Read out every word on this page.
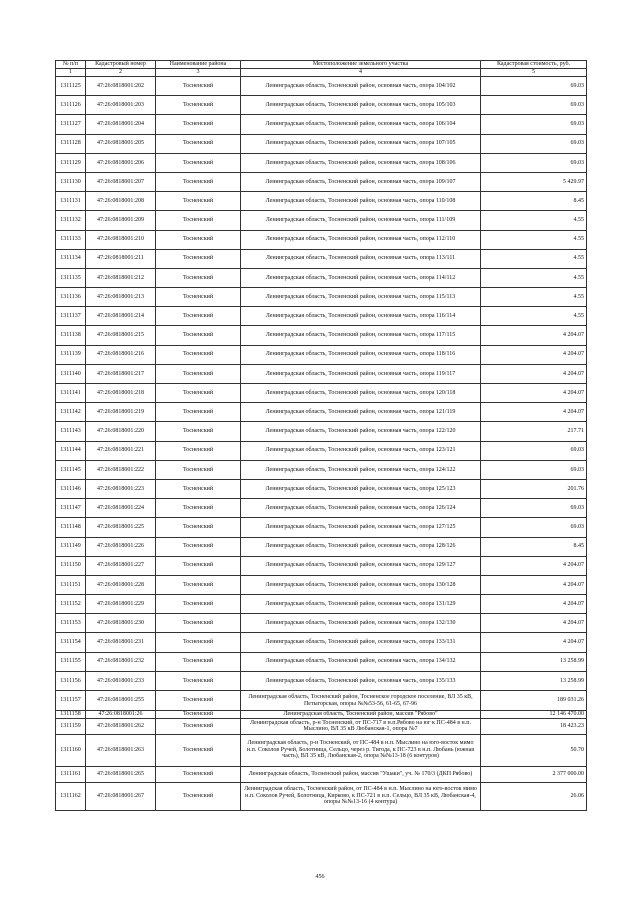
№ п/п	Кадастровый номер	Наименование района	Местоположение земельного участка	Кадастровая стоимость, руб.
1	2	3	4	5
1311125	47:26:0818001:202	Тосненский	Ленинградская область, Тосненский район, основная часть, опора 104/102	69.03
1311126	47:26:0818001:203	Тосненский	Ленинградская область, Тосненский район, основная часть, опора 105/103	69.03
1311127	47:26:0818001:204	Тосненский	Ленинградская область, Тосненский район, основная часть, опора 106/104	69.03
1311128	47:26:0818001:205	Тосненский	Ленинградская область, Тосненский район, основная часть, опора 107/105	69.03
1311129	47:26:0818001:206	Тосненский	Ленинградская область, Тосненский район, основная часть, опора 108/106	69.03
1311130	47:26:0818001:207	Тосненский	Ленинградская область, Тосненский район, основная часть, опора 109/107	5 429.97
1311131	47:26:0818001:208	Тосненский	Ленинградская область, Тосненский район, основная часть, опора 110/108	8.45
1311132	47:26:0818001:209	Тосненский	Ленинградская область, Тосненский район, основная часть, опора 111/109	4.55
1311133	47:26:0818001:210	Тосненский	Ленинградская область, Тосненский район, основная часть, опора 112/110	4.55
1311134	47:26:0818001:211	Тосненский	Ленинградская область, Тосненский район, основная часть, опора 113/111	4.55
1311135	47:26:0818001:212	Тосненский	Ленинградская область, Тосненский район, основная часть, опора 114/112	4.55
1311136	47:26:0818001:213	Тосненский	Ленинградская область, Тосненский район, основная часть, опора 115/113	4.55
1311137	47:26:0818001:214	Тосненский	Ленинградская область, Тосненский район, основная часть, опора 116/114	4.55
1311138	47:26:0818001:215	Тосненский	Ленинградская область, Тосненский район, основная часть, опора 117/115	4 204.07
1311139	47:26:0818001:216	Тосненский	Ленинградская область, Тосненский район, основная часть, опора 118/116	4 204.07
1311140	47:26:0818001:217	Тосненский	Ленинградская область, Тосненский район, основная часть, опора 119/117	4 204.07
1311141	47:26:0818001:218	Тосненский	Ленинградская область, Тосненский район, основная часть, опора 120/118	4 204.07
1311142	47:26:0818001:219	Тосненский	Ленинградская область, Тосненский район, основная часть, опора 121/119	4 204.07
1311143	47:26:0818001:220	Тосненский	Ленинградская область, Тосненский район, основная часть, опора 122/120	217.71
1311144	47:26:0818001:221	Тосненский	Ленинградская область, Тосненский район, основная часть, опора 123/121	69.03
1311145	47:26:0818001:222	Тосненский	Ленинградская область, Тосненский район, основная часть, опора 124/122	69.03
1311146	47:26:0818001:223	Тосненский	Ленинградская область, Тосненский район, основная часть, опора 125/123	201.76
1311147	47:26:0818001:224	Тосненский	Ленинградская область, Тосненский район, основная часть, опора 126/124	69.03
1311148	47:26:0818001:225	Тосненский	Ленинградская область, Тосненский район, основная часть, опора 127/125	69.03
1311149	47:26:0818001:226	Тосненский	Ленинградская область, Тосненский район, основная часть, опора 128/126	8.45
1311150	47:26:0818001:227	Тосненский	Ленинградская область, Тосненский район, основная часть, опора 129/127	4 204.07
1311151	47:26:0818001:228	Тосненский	Ленинградская область, Тосненский район, основная часть, опора 130/128	4 204.07
1311152	47:26:0818001:229	Тосненский	Ленинградская область, Тосненский район, основная часть, опора 131/129	4 204.07
1311153	47:26:0818001:230	Тосненский	Ленинградская область, Тосненский район, основная часть, опора 132/130	4 204.07
1311154	47:26:0818001:231	Тосненский	Ленинградская область, Тосненский район, основная часть, опора 133/131	4 204.07
1311155	47:26:0818001:232	Тосненский	Ленинградская область, Тосненский район, основная часть, опора 134/132	13 258.99
1311156	47:26:0818001:233	Тосненский	Ленинградская область, Тосненский район, основная часть, опора 135/133	13 258.99
1311157	47:26:0818001:255	Тосненский	Ленинградская область, Тосненский район, Тосненское городское поселение, ВЛ 35 кВ, Петыгорская, опоры №№53-56, 61-65, 67-96	189 031.26
1311158	47:26:0818001:26	Тосненский	Ленинградская область, Тосненский район, массив "Рябово"	12 146 470.00
1311159	47:26:0818001:262	Тосненский	Ленинградская область, р-н Тосненский, от ПС-717 в н.п.Рябово на юг к ПС-484 в н.п. Мыслино, ВЛ 35 кВ Любанская-1, опора №7	18 423.23
1311160	47:26:0818001:263	Тосненский	Ленинградская область, р-н Тосненский, от ПС-484 в н.п. Мыслино на юго-восток мимо н.п. Соколов Ручей, Болотница, Сельцо, через р. Тигода, к ПС-723 в н.п. Любань (южная часть), ВЛ 35 кВ, Любанская-2, опора №№13-18 (6 контуров)	50.70
1311161	47:26:0818001:265	Тосненский	Ленинградская область, Тосненский район, массив "Ушаки", уч. № 170/3 (ДКП Рябово)	2 377 000.00
1311162	47:26:0818001:267	Тосненский	Ленинградская область, Тосненский район, от ПС-484 в н.п. Мыслино на юго-восток мимо н.п. Соколов Ручей, Болотница, Кирково, к ПС-721 в н.п. Сельцо, ВЛ 35 кВ, Любанская-4, опоры №№13-16 (4 контура)	26.06
456
